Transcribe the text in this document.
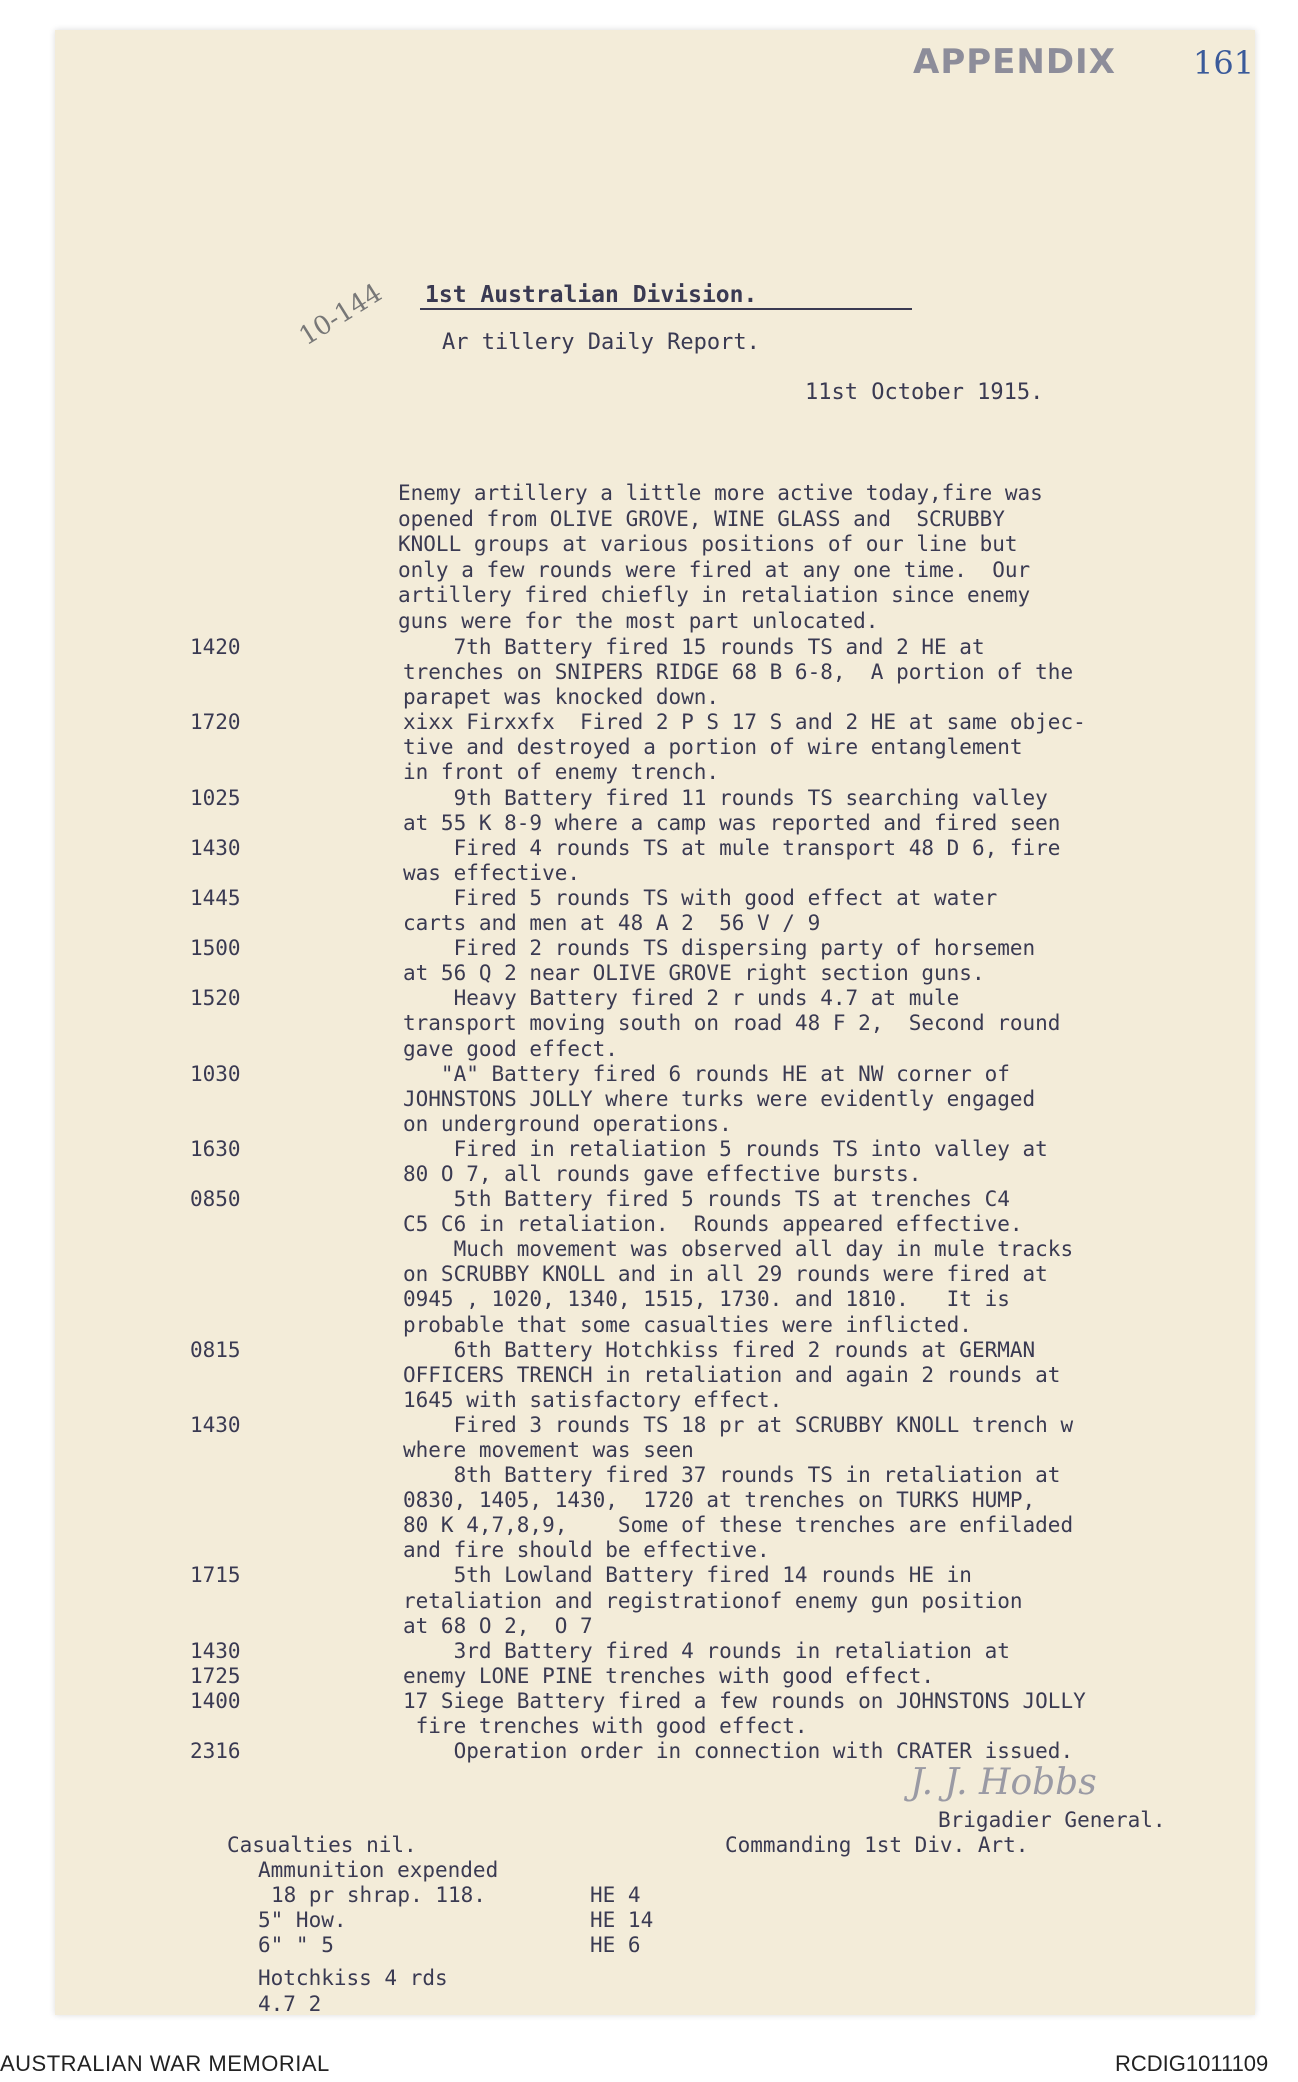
APPENDIX 161
10-144 1st Australian Division.
Ar tillery Daily Report.
11st October 1915.
Enemy artillery a little more active today,fire was
opened from OLIVE GROVE, WINE GLASS and  SCRUBBY
KNOLL groups at various positions of our line but
only a few rounds were fired at any one time.  Our
artillery fired chiefly in retaliation since enemy
guns were for the most part unlocated.
1420	7th Battery fired 15 rounds TS and 2 HE at
trenches on SNIPERS RIDGE 68 B 6-8,  A portion of the
parapet was knocked down.
1720	xixx Firxxfx  Fired 2 P S 17 S and 2 HE at same objec-
tive and destroyed a portion of wire entanglement
in front of enemy trench.
1025	9th Battery fired 11 rounds TS searching valley
at 55 K 8-9 where a camp was reported and fired seen
1430	Fired 4 rounds TS at mule transport 48 D 6, fire
was effective.
1445	Fired 5 rounds TS with good effect at water
carts and men at 48 A 2  56 V / 9
1500	Fired 2 rounds TS dispersing party of horsemen
at 56 Q 2 near OLIVE GROVE right section guns.
1520	Heavy Battery fired 2 r unds 4.7 at mule
transport moving south on road 48 F 2,  Second round
gave good effect.
1030	"A" Battery fired 6 rounds HE at NW corner of
JOHNSTONS JOLLY where turks were evidently engaged
on underground operations.
1630	Fired in retaliation 5 rounds TS into valley at
80 O 7, all rounds gave effective bursts.
0850	5th Battery fired 5 rounds TS at trenches C4
C5 C6 in retaliation.  Rounds appeared effective.
Much movement was observed all day in mule tracks
on SCRUBBY KNOLL and in all 29 rounds were fired at
0945 , 1020, 1340, 1515, 1730. and 1810.   It is
probable that some casualties were inflicted.
0815	6th Battery Hotchkiss fired 2 rounds at GERMAN
OFFICERS TRENCH in retaliation and again 2 rounds at
1645 with satisfactory effect.
1430	Fired 3 rounds TS 18 pr at SCRUBBY KNOLL trench w
where movement was seen
8th Battery fired 37 rounds TS in retaliation at
0830, 1405, 1430,  1720 at trenches on TURKS HUMP,
80 K 4,7,8,9,    Some of these trenches are enfiladed
and fire should be effective.
1715	5th Lowland Battery fired 14 rounds HE in
retaliation and registrationof enemy gun position
at 68 O 2,  O 7
1430	3rd Battery fired 4 rounds in retaliation at
1725	enemy LONE PINE trenches with good effect.
1400	17 Siege Battery fired a few rounds on JOHNSTONS JOLLY
fire trenches with good effect.
2316	Operation order in connection with CRATER issued.
J. J. Hobbs
Brigadier General.
Commanding 1st Div. Art.
Casualties nil.
Ammunition expended
18 pr shrap. 118.	HE 4
5" How.	HE 14
6" " 5	HE 6
Hotchkiss 4 rds
4.7 2
AUSTRALIAN WAR MEMORIAL	RCDIG1011109
